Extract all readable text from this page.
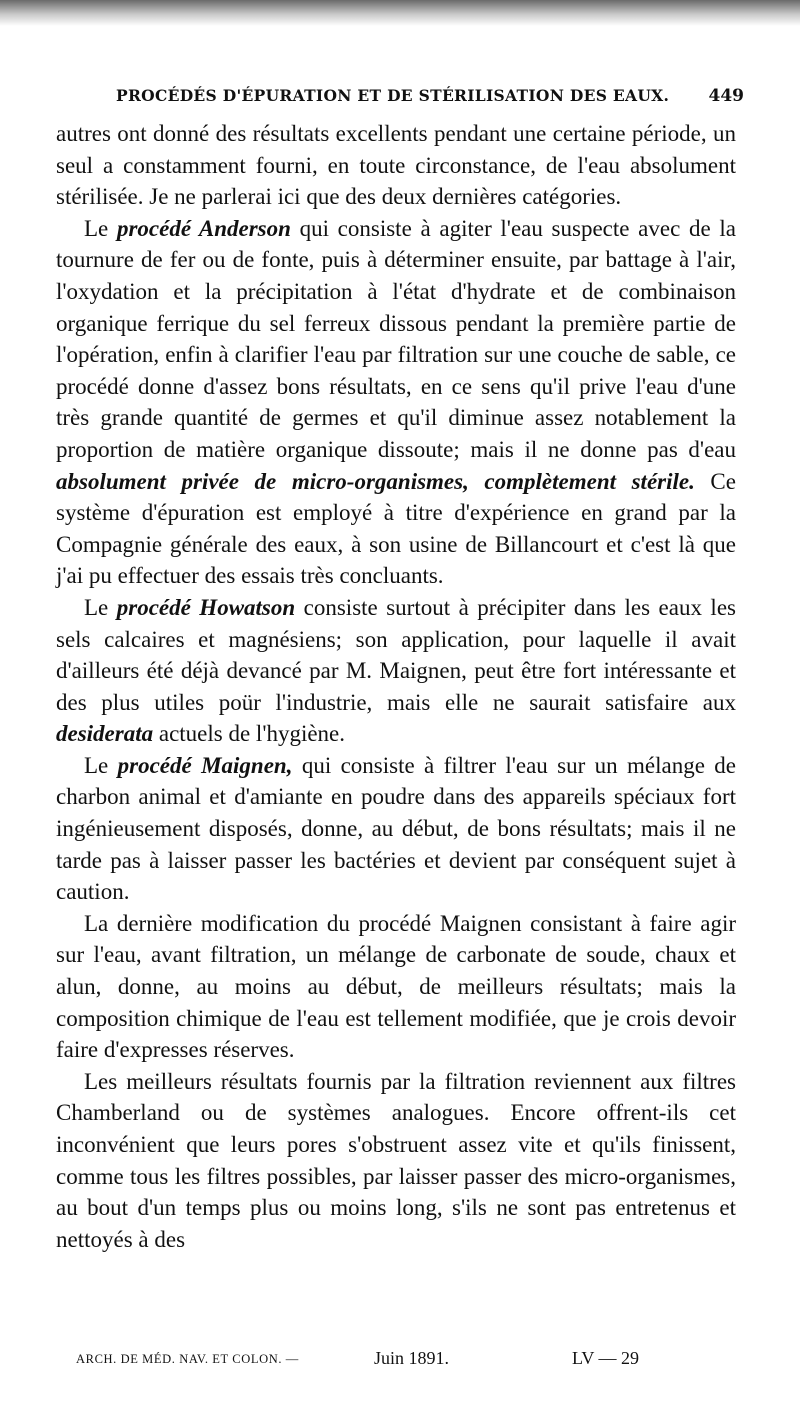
PROCÉDÉS D'ÉPURATION ET DE STÉRILISATION DES EAUX. 449

autres ont donné des résultats excellents pendant une certaine période, un seul a constamment fourni, en toute circonstance, de l'eau absolument stérilisée. Je ne parlerai ici que des deux dernières catégories.

Le procédé Anderson qui consiste à agiter l'eau suspecte avec de la tournure de fer ou de fonte, puis à déterminer ensuite, par battage à l'air, l'oxydation et la précipitation à l'état d'hydrate et de combinaison organique ferrique du sel ferreux dissous pendant la première partie de l'opération, enfin à clarifier l'eau par filtration sur une couche de sable, ce procédé donne d'assez bons résultats, en ce sens qu'il prive l'eau d'une très grande quantité de germes et qu'il diminue assez notablement la proportion de matière organique dissoute; mais il ne donne pas d'eau absolument privée de micro-organismes, complètement stérile. Ce système d'épuration est employé à titre d'expérience en grand par la Compagnie générale des eaux, à son usine de Billancourt et c'est là que j'ai pu effectuer des essais très concluants.

Le procédé Howatson consiste surtout à précipiter dans les eaux les sels calcaires et magnésiens; son application, pour laquelle il avait d'ailleurs été déjà devancé par M. Maignen, peut être fort intéressante et des plus utiles poür l'industrie, mais elle ne saurait satisfaire aux desiderata actuels de l'hygiène.

Le procédé Maignen, qui consiste à filtrer l'eau sur un mélange de charbon animal et d'amiante en poudre dans des appareils spéciaux fort ingénieusement disposés, donne, au début, de bons résultats; mais il ne tarde pas à laisser passer les bactéries et devient par conséquent sujet à caution.

La dernière modification du procédé Maignen consistant à faire agir sur l'eau, avant filtration, un mélange de carbonate de soude, chaux et alun, donne, au moins au début, de meilleurs résultats; mais la composition chimique de l'eau est tellement modifiée, que je crois devoir faire d'expresses réserves.

Les meilleurs résultats fournis par la filtration reviennent aux filtres Chamberland ou de systèmes analogues. Encore offrent-ils cet inconvénient que leurs pores s'obstruent assez vite et qu'ils finissent, comme tous les filtres possibles, par laisser passer des micro-organismes, au bout d'un temps plus ou moins long, s'ils ne sont pas entretenus et nettoyés à des

ARCH. DE MÉD. NAV. ET COLON. —	Juin 1891.	LV — 29
